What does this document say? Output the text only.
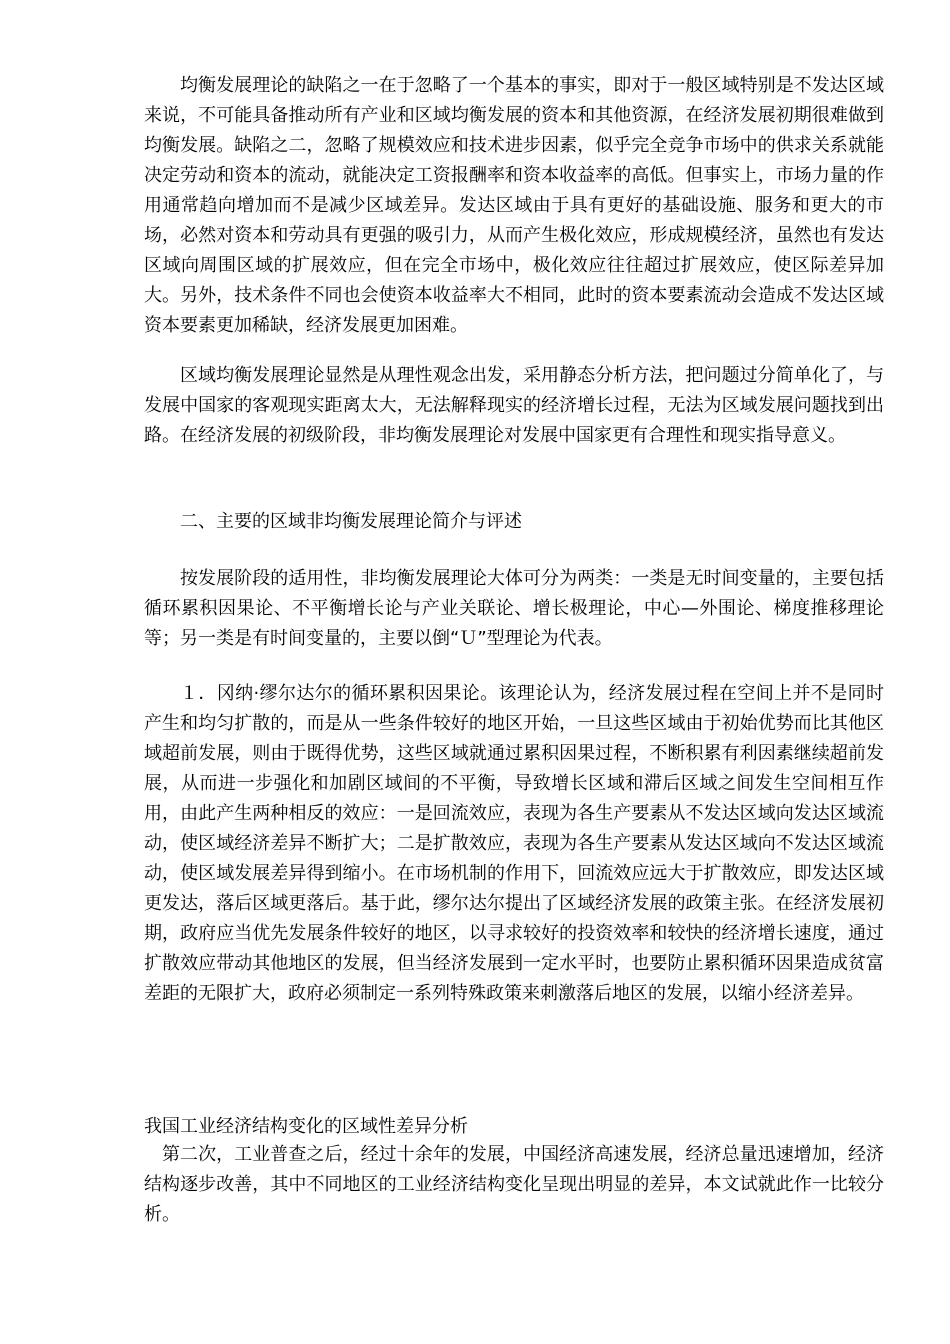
均衡发展理论的缺陷之一在于忽略了一个基本的事实，即对于一般区域特别是不发达区域来说，不可能具备推动所有产业和区域均衡发展的资本和其他资源，在经济发展初期很难做到均衡发展。缺陷之二，忽略了规模效应和技术进步因素，似乎完全竞争市场中的供求关系就能决定劳动和资本的流动，就能决定工资报酬率和资本收益率的高低。但事实上，市场力量的作用通常趋向增加而不是减少区域差异。发达区域由于具有更好的基础设施、服务和更大的市场，必然对资本和劳动具有更强的吸引力，从而产生极化效应，形成规模经济，虽然也有发达区域向周围区域的扩展效应，但在完全市场中，极化效应往往超过扩展效应，使区际差异加大。另外，技术条件不同也会使资本收益率大不相同，此时的资本要素流动会造成不发达区域资本要素更加稀缺，经济发展更加困难。

区域均衡发展理论显然是从理性观念出发，采用静态分析方法，把问题过分简单化了，与发展中国家的客观现实距离太大，无法解释现实的经济增长过程，无法为区域发展问题找到出路。在经济发展的初级阶段，非均衡发展理论对发展中国家更有合理性和现实指导意义。

二、主要的区域非均衡发展理论简介与评述

按发展阶段的适用性，非均衡发展理论大体可分为两类：一类是无时间变量的，主要包括循环累积因果论、不平衡增长论与产业关联论、增长极理论，中心—外围论、梯度推移理论等；另一类是有时间变量的，主要以倒“Ｕ”型理论为代表。

１．冈纳·缪尔达尔的循环累积因果论。该理论认为，经济发展过程在空间上并不是同时产生和均匀扩散的，而是从一些条件较好的地区开始，一旦这些区域由于初始优势而比其他区域超前发展，则由于既得优势，这些区域就通过累积因果过程，不断积累有利因素继续超前发展，从而进一步强化和加剧区域间的不平衡，导致增长区域和滞后区域之间发生空间相互作用，由此产生两种相反的效应：一是回流效应，表现为各生产要素从不发达区域向发达区域流动，使区域经济差异不断扩大；二是扩散效应，表现为各生产要素从发达区域向不发达区域流动，使区域发展差异得到缩小。在市场机制的作用下，回流效应远大于扩散效应，即发达区域更发达，落后区域更落后。基于此，缪尔达尔提出了区域经济发展的政策主张。在经济发展初期，政府应当优先发展条件较好的地区，以寻求较好的投资效率和较快的经济增长速度，通过扩散效应带动其他地区的发展，但当经济发展到一定水平时，也要防止累积循环因果造成贫富差距的无限扩大，政府必须制定一系列特殊政策来刺激落后地区的发展，以缩小经济差异。

我国工业经济结构变化的区域性差异分析

第二次，工业普查之后，经过十余年的发展，中国经济高速发展，经济总量迅速增加，经济结构逐步改善，其中不同地区的工业经济结构变化呈现出明显的差异，本文试就此作一比较分析。
